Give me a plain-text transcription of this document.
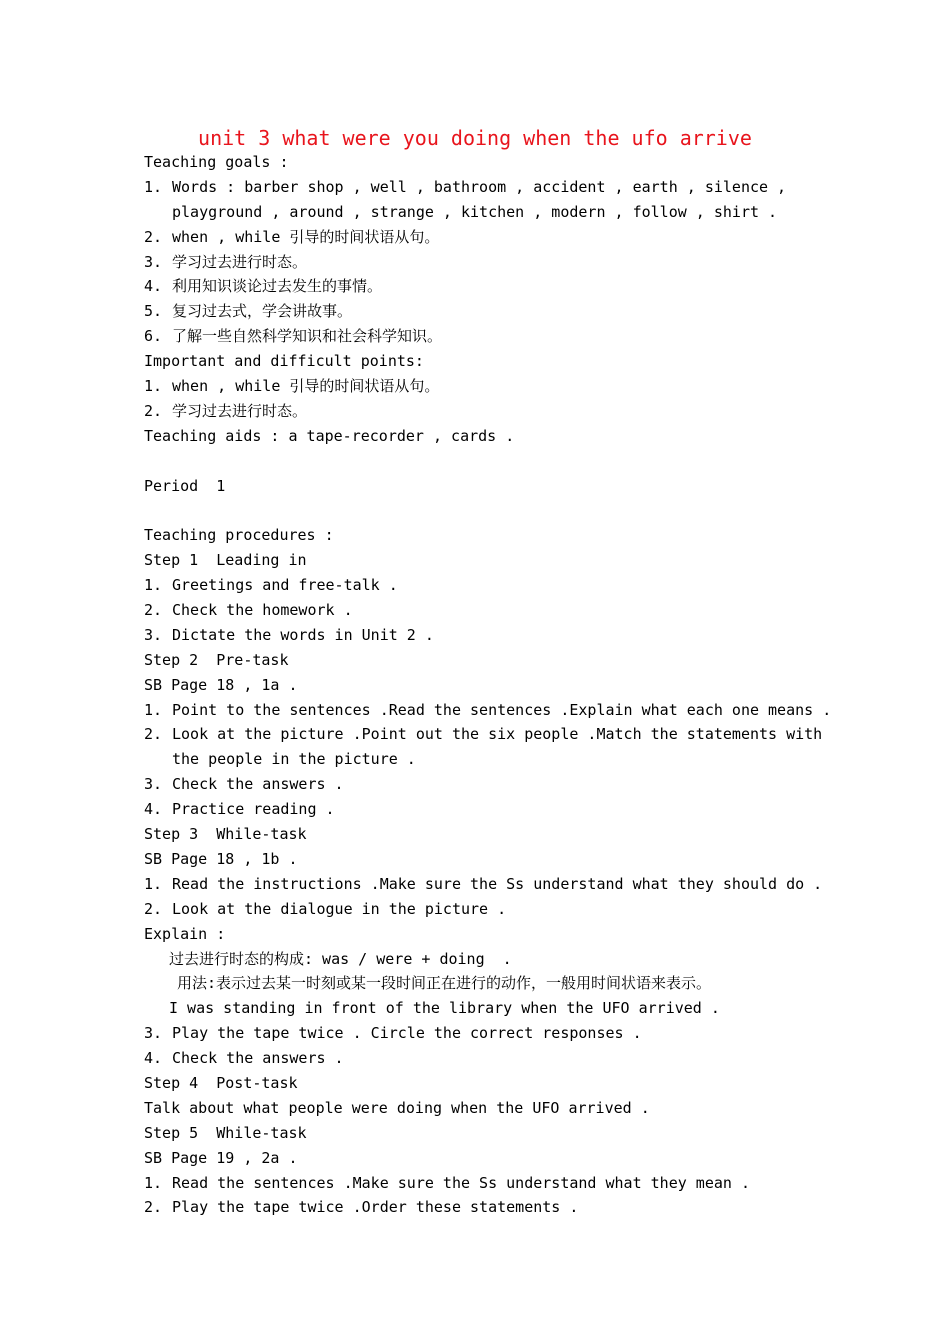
unit 3 what were you doing when the ufo arrive
Teaching goals :
1. Words : barber shop , well , bathroom , accident , earth , silence ,
playground , around , strange , kitchen , modern , follow , shirt .
2. when , while 引导的时间状语从句。
3. 学习过去进行时态。
4. 利用知识谈论过去发生的事情。
5. 复习过去式，学会讲故事。
6. 了解一些自然科学知识和社会科学知识。
Important and difficult points:
1. when , while 引导的时间状语从句。
2. 学习过去进行时态。
Teaching aids : a tape-recorder , cards .
Period  1
Teaching procedures :
Step 1  Leading in
1. Greetings and free-talk .
2. Check the homework .
3. Dictate the words in Unit 2 .
Step 2  Pre-task
SB Page 18 , 1a .
1. Point to the sentences .Read the sentences .Explain what each one means .
2. Look at the picture .Point out the six people .Match the statements with
the people in the picture .
3. Check the answers .
4. Practice reading .
Step 3  While-task
SB Page 18 , 1b .
1. Read the instructions .Make sure the Ss understand what they should do .
2. Look at the dialogue in the picture .
Explain :
过去进行时态的构成: was / were + doing  .
用法:表示过去某一时刻或某一段时间正在进行的动作，一般用时间状语来表示。
I was standing in front of the library when the UFO arrived .
3. Play the tape twice . Circle the correct responses .
4. Check the answers .
Step 4  Post-task
Talk about what people were doing when the UFO arrived .
Step 5  While-task
SB Page 19 , 2a .
1. Read the sentences .Make sure the Ss understand what they mean .
2. Play the tape twice .Order these statements .
